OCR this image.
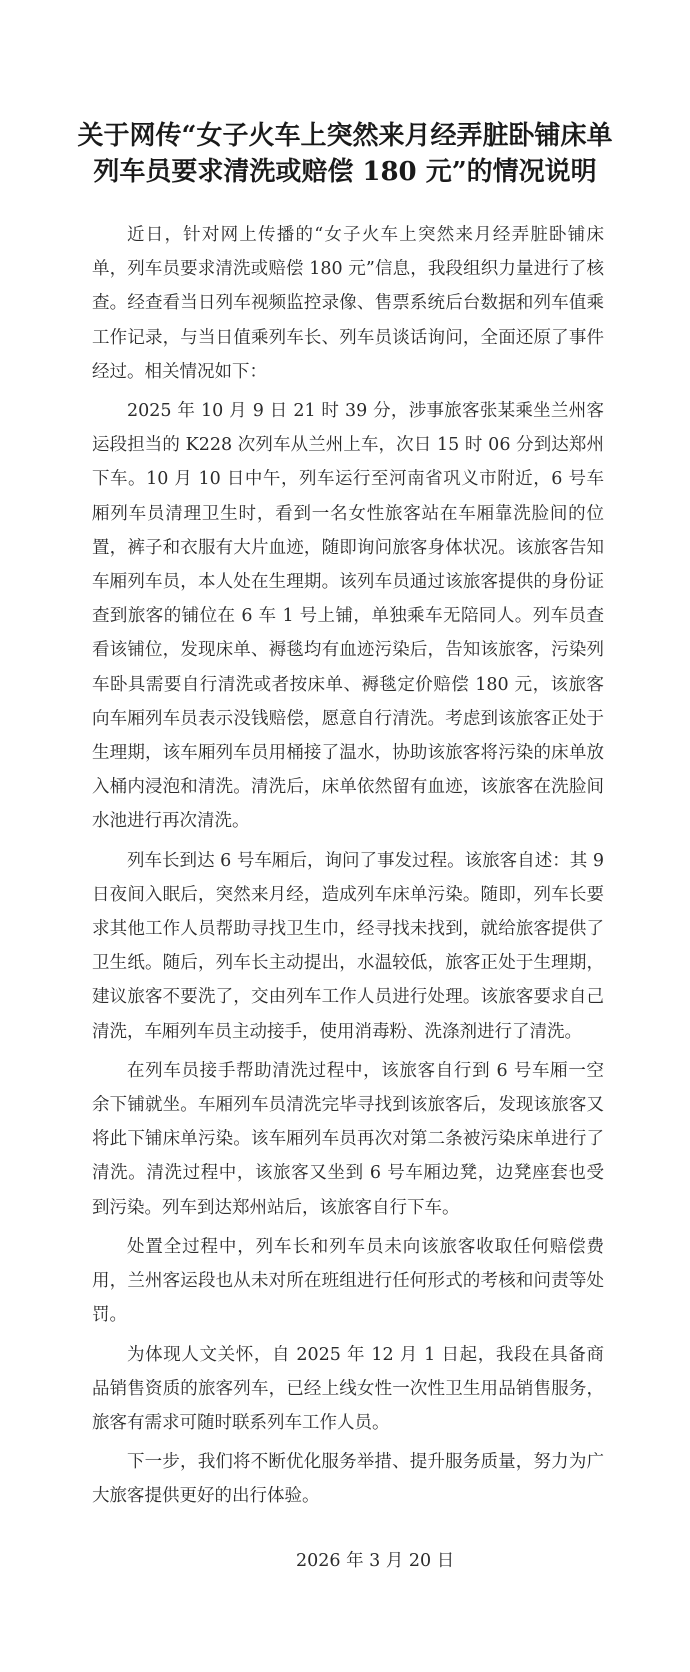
关于网传“女子火车上突然来月经弄脏卧铺床单
列车员要求清洗或赔偿 180 元”的情况说明

近日，针对网上传播的“女子火车上突然来月经弄脏卧铺床单，列车员要求清洗或赔偿 180 元”信息，我段组织力量进行了核查。经查看当日列车视频监控录像、售票系统后台数据和列车值乘工作记录，与当日值乘列车长、列车员谈话询问，全面还原了事件经过。相关情况如下：

2025 年 10 月 9 日 21 时 39 分，涉事旅客张某乘坐兰州客运段担当的 K228 次列车从兰州上车，次日 15 时 06 分到达郑州下车。10 月 10 日中午，列车运行至河南省巩义市附近，6 号车厢列车员清理卫生时，看到一名女性旅客站在车厢靠洗脸间的位置，裤子和衣服有大片血迹，随即询问旅客身体状况。该旅客告知车厢列车员，本人处在生理期。该列车员通过该旅客提供的身份证查到旅客的铺位在 6 车 1 号上铺，单独乘车无陪同人。列车员查看该铺位，发现床单、褥毯均有血迹污染后，告知该旅客，污染列车卧具需要自行清洗或者按床单、褥毯定价赔偿 180 元，该旅客向车厢列车员表示没钱赔偿，愿意自行清洗。考虑到该旅客正处于生理期，该车厢列车员用桶接了温水，协助该旅客将污染的床单放入桶内浸泡和清洗。清洗后，床单依然留有血迹，该旅客在洗脸间水池进行再次清洗。

列车长到达 6 号车厢后，询问了事发过程。该旅客自述：其 9 日夜间入眠后，突然来月经，造成列车床单污染。随即，列车长要求其他工作人员帮助寻找卫生巾，经寻找未找到，就给旅客提供了卫生纸。随后，列车长主动提出，水温较低，旅客正处于生理期，建议旅客不要洗了，交由列车工作人员进行处理。该旅客要求自己清洗，车厢列车员主动接手，使用消毒粉、洗涤剂进行了清洗。

在列车员接手帮助清洗过程中，该旅客自行到 6 号车厢一空余下铺就坐。车厢列车员清洗完毕寻找到该旅客后，发现该旅客又将此下铺床单污染。该车厢列车员再次对第二条被污染床单进行了清洗。清洗过程中，该旅客又坐到 6 号车厢边凳，边凳座套也受到污染。列车到达郑州站后，该旅客自行下车。

处置全过程中，列车长和列车员未向该旅客收取任何赔偿费用，兰州客运段也从未对所在班组进行任何形式的考核和问责等处罚。

为体现人文关怀，自 2025 年 12 月 1 日起，我段在具备商品销售资质的旅客列车，已经上线女性一次性卫生用品销售服务，旅客有需求可随时联系列车工作人员。

下一步，我们将不断优化服务举措、提升服务质量，努力为广大旅客提供更好的出行体验。

2026 年 3 月 20 日
